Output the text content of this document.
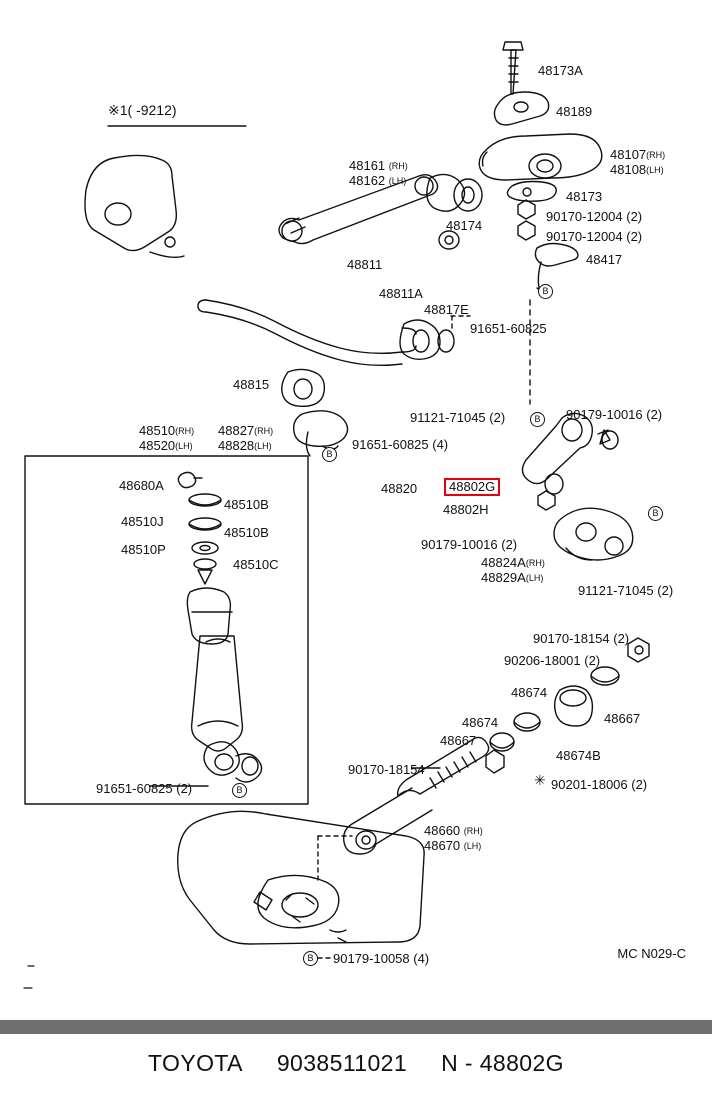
※1( -9212)
48173A
48189
$48107^{(RH)}$
$48108^{(LH)}$
48173
90170-12004 (2)
90170-12004 (2)
48417
91651-60825
48161 $^{(RH)}$
48162 $^{(LH)}$
48174
48811
48811A
48817E
48815
$48510^{(RH)}$
$48520^{(LH)}$
$48827^{(RH)}$
$48828^{(LH)}$	91651-60825 (4)
91121-71045 (2)	90179-10016 (2)
48820	48802G
48802H
90179-10016 (2)
$48824A^{(RH)}$
$48829A^{(LH)}$
91121-71045 (2)
48680A
48510B
48510J
48510B
48510P
48510C
91651-60825 (2)
90170-18154 (2)
90206-18001 (2)
48674
48667
48674
48667
48674B
90170-18154
90201-18006 (2)
48660 $^{(RH)}$
48670 $^{(LH)}$
90179-10058 (4)
B
B
B
B
B
B
✳
MC N029-C
TOYOTA 9038511021 N - 48802G
